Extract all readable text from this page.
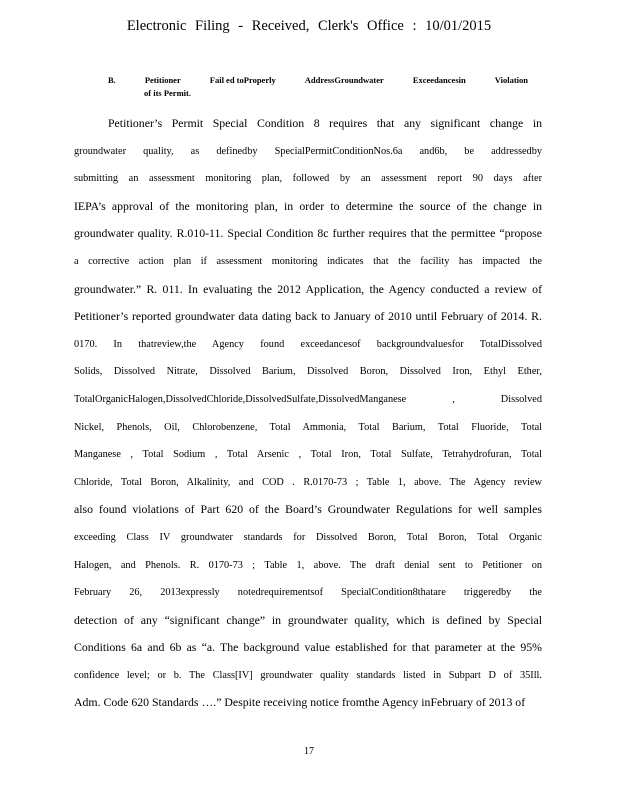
Electronic Filing - Received, Clerk's Office : 10/01/2015
B.	Petitioner	Fail ed toProperly	AddressGroundwater	Exceedancesin	Violation
of its Permit.
Petitioner’s Permit Special Condition 8 requires that any significant change in
groundwater quality, as definedby SpecialPermitConditionNos.6a and6b, be addressedby
submitting an assessment monitoring plan, followed by an assessment report 90 days after
IEPA’s approval of the monitoring plan, in order to determine the source of the change in
groundwater quality. R.010-11. Special Condition 8c further requires that the permittee “propose
a corrective action plan if assessment monitoring indicates that the facility has impacted the
groundwater.” R. 011. In evaluating the 2012 Application, the Agency conducted a review of
Petitioner’s reported groundwater data dating back to January of 2010 until February of 2014. R.
0170. In thatreview,the Agency found exceedancesof backgroundvaluesfor TotalDissolved
Solids, Dissolved Nitrate, Dissolved Barium, Dissolved Boron, Dissolved Iron, Ethyl Ether,
TotalOrganicHalogen,DissolvedChloride,DissolvedSulfate,DissolvedManganese , Dissolved
Nickel, Phenols, Oil, Chlorobenzene, Total Ammonia, Total Barium, Total Fluoride, Total
Manganese , Total Sodium , Total Arsenic , Total Iron, Total Sulfate, Tetrahydrofuran, Total
Chloride, Total Boron, Alkalinity, and COD . R.0170-73 ; Table 1, above. The Agency review
also found violations of Part 620 of the Board’s Groundwater Regulations for well samples
exceeding Class IV groundwater standards for Dissolved Boron, Total Boron, Total Organic
Halogen, and Phenols. R. 0170-73 ; Table 1, above. The draft denial sent to Petitioner on
February 26, 2013expressly notedrequirementsof SpecialCondition8thatare triggeredby the
detection of any “significant change” in groundwater quality, which is defined by Special
Conditions 6a and 6b as “a. The background value established for that parameter at the 95%
confidence level; or b. The Class[IV] groundwater quality standards listed in Subpart D of 35Ill.
Adm. Code 620 Standards ….” Despite receiving notice fromthe Agency inFebruary of 2013 of
17
